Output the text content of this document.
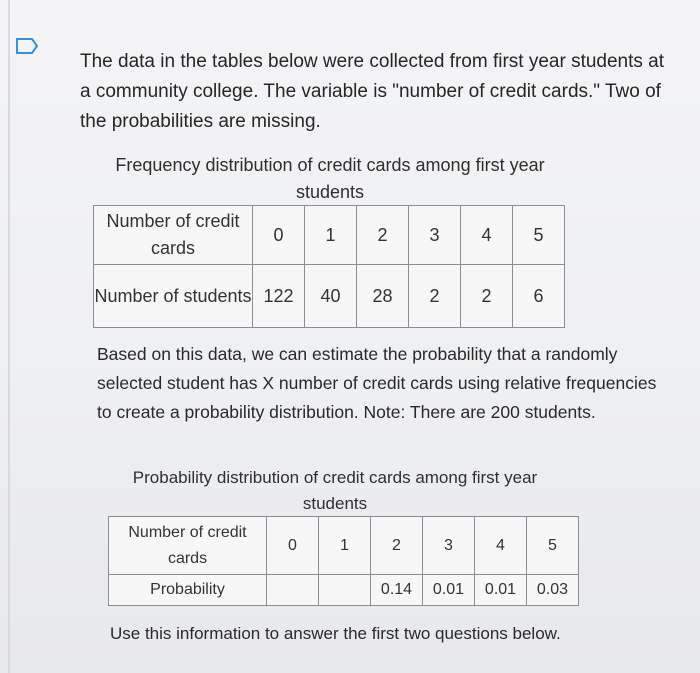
The data in the tables below were collected from first year students at a community college. The variable is "number of credit cards." Two of the probabilities are missing.

Frequency distribution of credit cards among first year students
Number of credit cards	0	1	2	3	4	5
Number of students	122	40	28	2	2	6

Based on this data, we can estimate the probability that a randomly selected student has X number of credit cards using relative frequencies to create a probability distribution. Note: There are 200 students.

Probability distribution of credit cards among first year students
Number of credit cards	0	1	2	3	4	5
Probability			0.14	0.01	0.01	0.03

Use this information to answer the first two questions below.
